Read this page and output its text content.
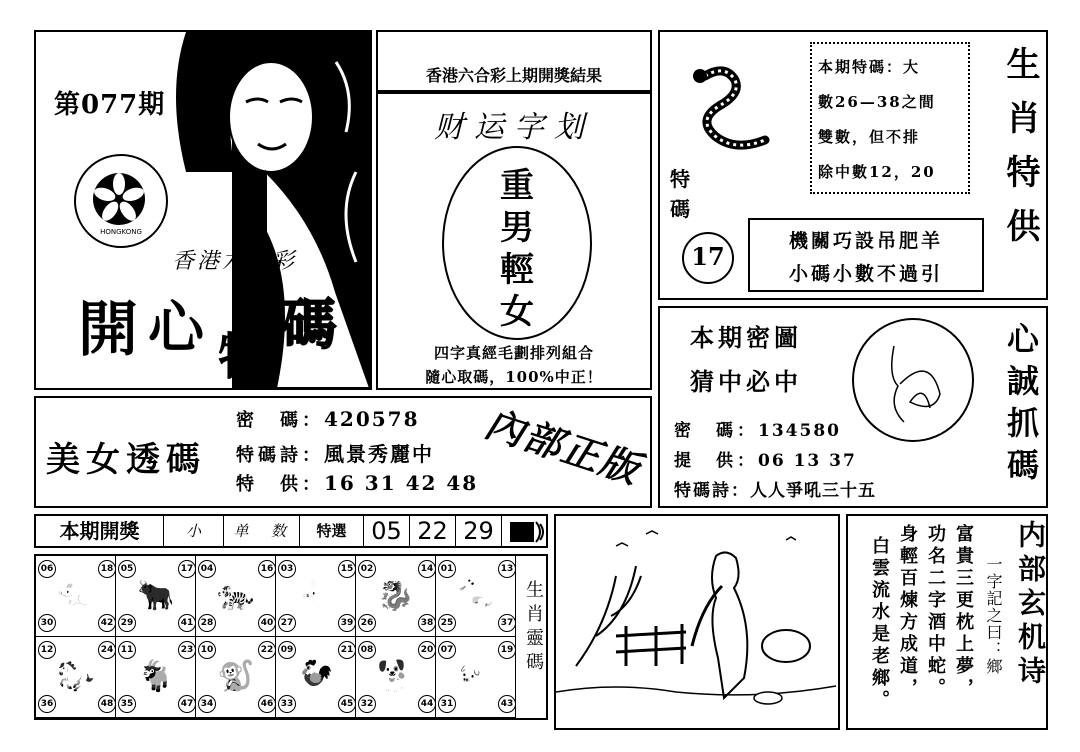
第077期
HONGKONG
香港六合彩
開 心 特
碼
香港六合彩上期開獎結果
财运字划
重
男
輕
女
四字真經毛劃排列組合
隨心取碼，100%中正！
特碼
17
本期特碼：大
數26—38之間
雙數，但不排
除中數12，20
機關巧設吊肥羊
小碼小數不過引
生肖特供
美女透碼
密　碼：420578
特碼詩：風景秀麗中
特　供：16 31 42 48 內部正版
本期密圖
猜中必中
密　碼：134580
提　供：06 13 37
特碼詩：人人爭吼三十五
心誠抓碼
本期開獎	小	单	数	特選	05 22 29
生肖靈碼
🐀
06	18
30	42
🐂
05	17
29	41
🐅
04	16
28	40
🐇
03	15
27	39
🐉
02	14
26	38
🐍
01	13
25	37
🐎
12	24
36	48
🐐
11	23
35	47
🐒
10	22
34	46
🐓
09	21
33	45
🐕
08	20
32	44
🐖
07	19
31	43
富貴三更枕上夢，
功名二字酒中蛇。
身輕百煉方成道，
白雲流水是老鄉。	一字記之曰：鄉 内部玄机诗
